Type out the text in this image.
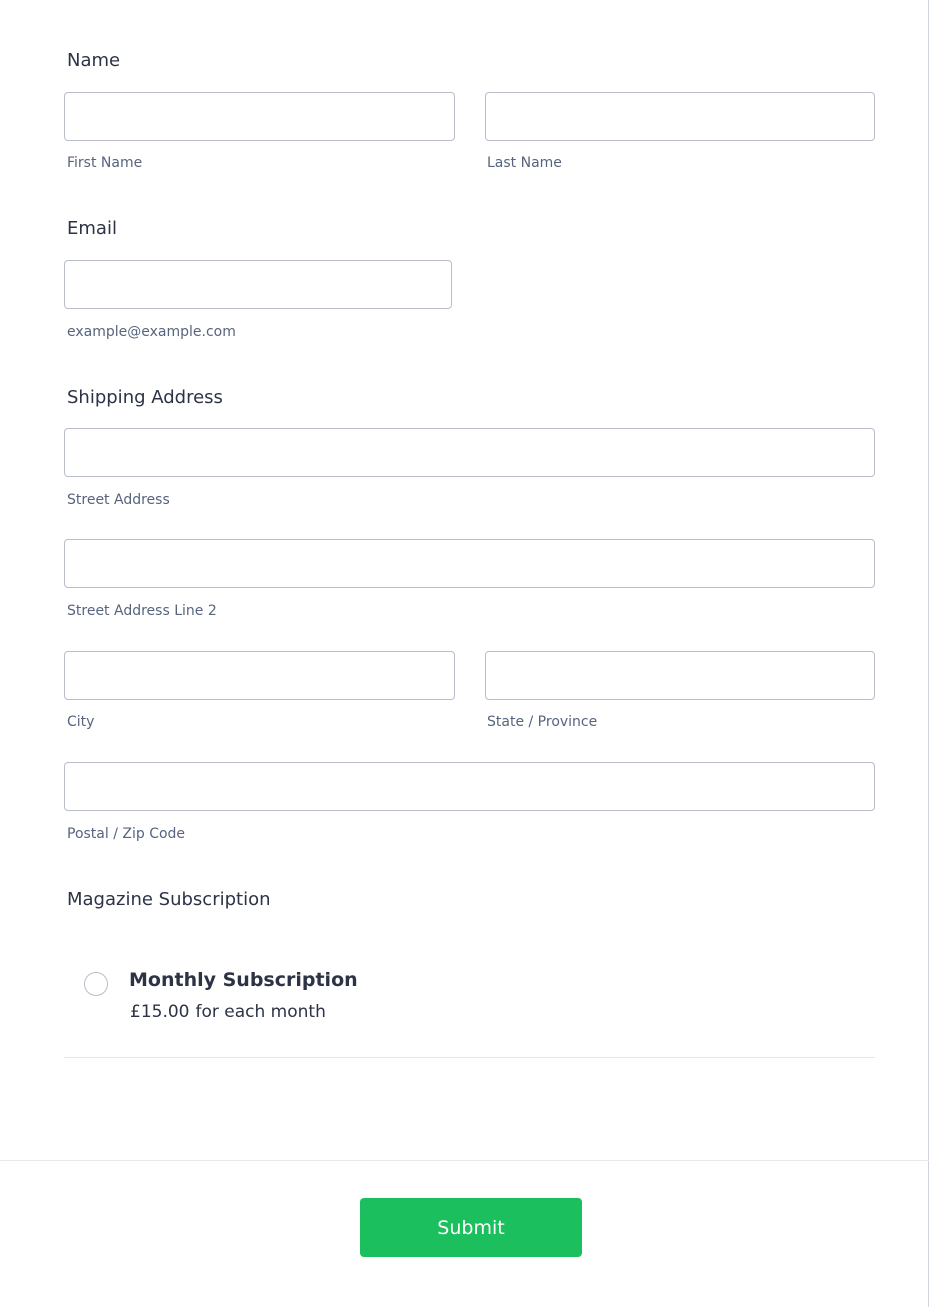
Name
First Name	Last Name
Email
example@example.com
Shipping Address
Street Address
Street Address Line 2
City	State / Province
Postal / Zip Code
Magazine Subscription
Monthly Subscription
£15.00 for each month
Submit
